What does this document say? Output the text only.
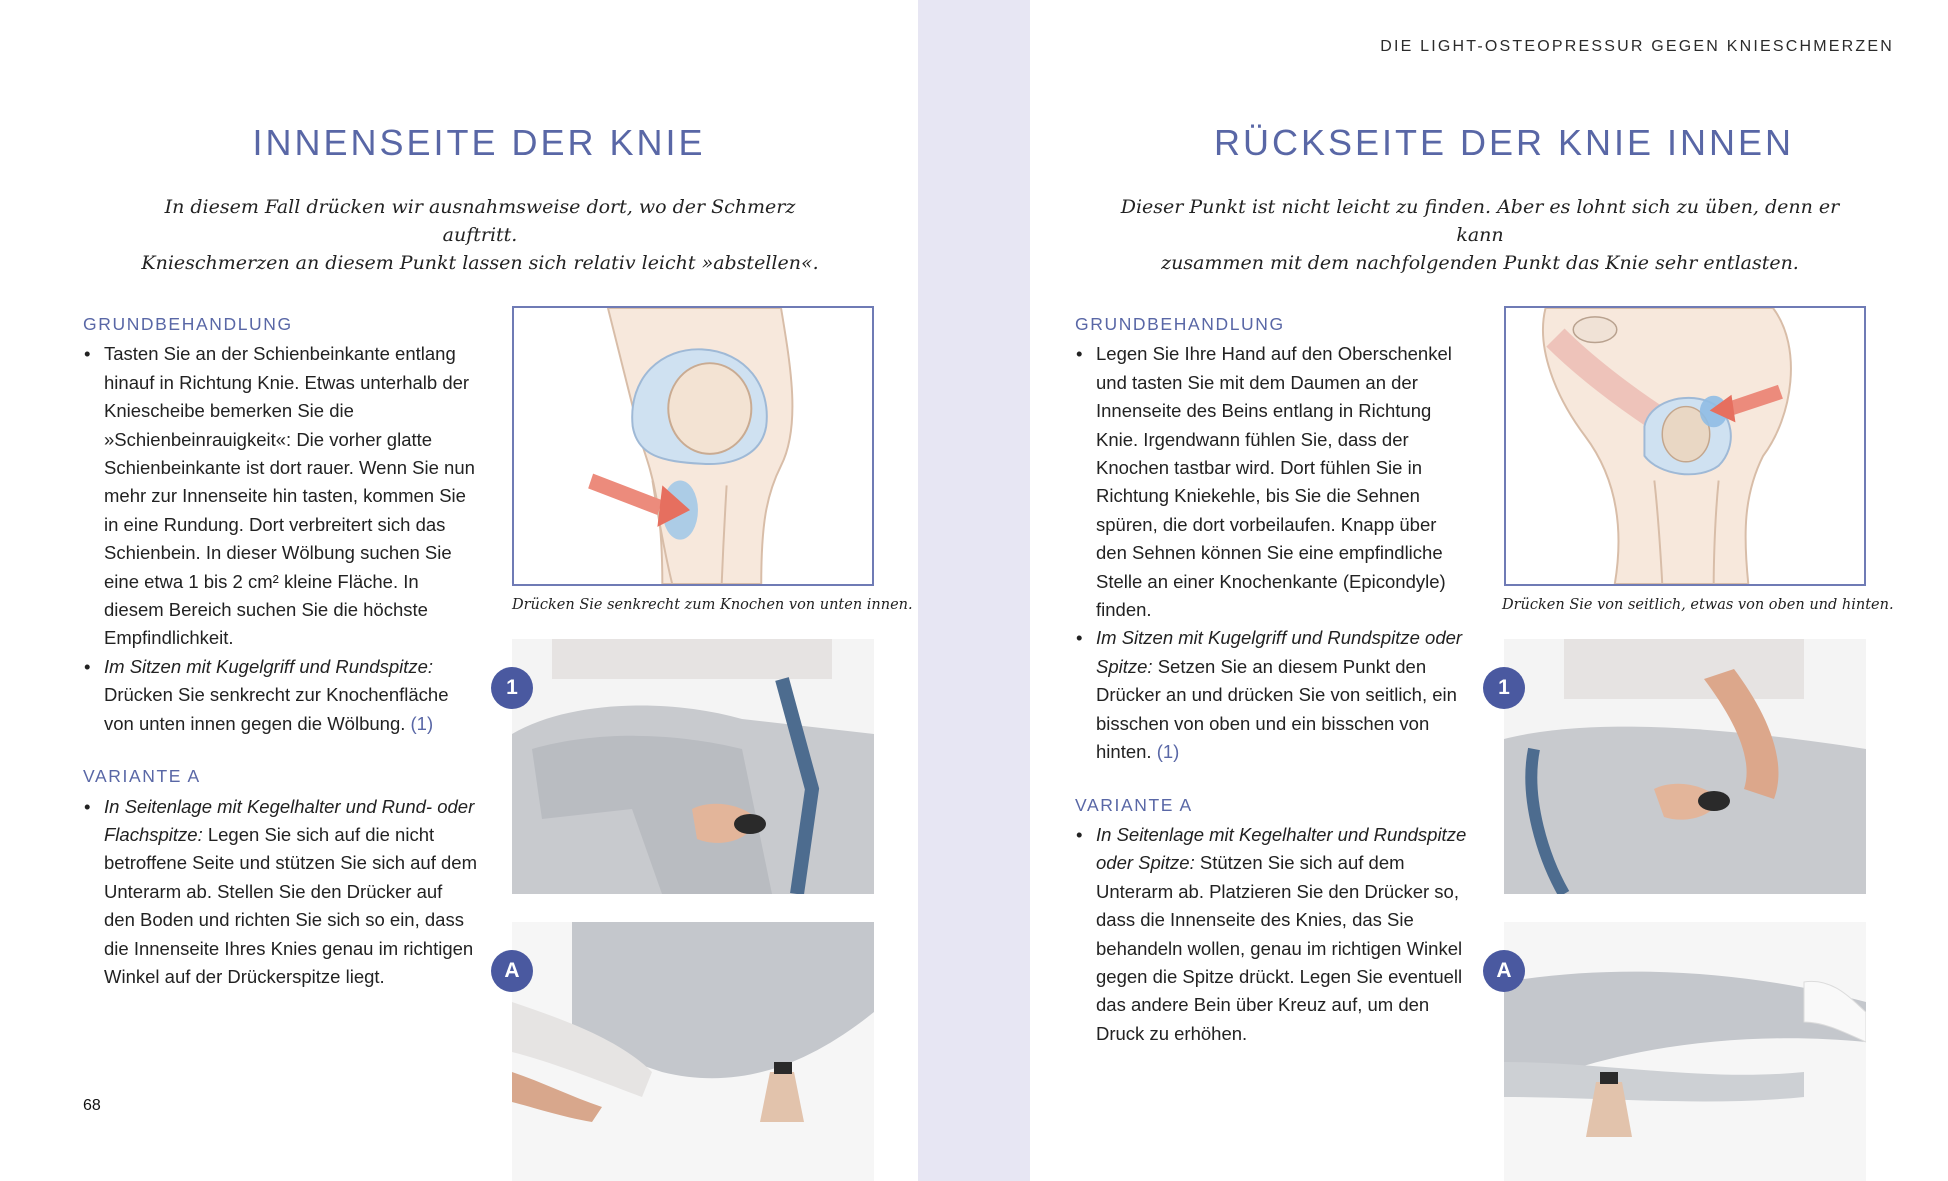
INNENSEITE DER KNIE

In diesem Fall drücken wir ausnahmsweise dort, wo der Schmerz auftritt.
Knieschmerzen an diesem Punkt lassen sich relativ leicht »abstellen«.

GRUNDBEHANDLUNG
• Tasten Sie an der Schienbeinkante entlang hinauf in Richtung Knie. Etwas unterhalb der Kniescheibe bemerken Sie die »Schienbeinrauigkeit«: Die vorher glatte Schienbeinkante ist dort rauer. Wenn Sie nun mehr zur Innenseite hin tasten, kommen Sie in eine Rundung. Dort verbreitert sich das Schienbein. In dieser Wölbung suchen Sie eine etwa 1 bis 2 cm² kleine Fläche. In diesem Bereich suchen Sie die höchste Empfindlichkeit.
• Im Sitzen mit Kugelgriff und Rundspitze: Drücken Sie senkrecht zur Knochenfläche von unten innen gegen die Wölbung. (1)
VARIANTE A
• In Seitenlage mit Kegelhalter und Rund- oder Flachspitze: Legen Sie sich auf die nicht betroffene Seite und stützen Sie sich auf dem Unterarm ab. Stellen Sie den Drücker auf den Boden und richten Sie sich so ein, dass die Innenseite Ihres Knies genau im richtigen Winkel auf der Drückerspitze liegt.
Drücken Sie senkrecht zum Knochen von unten innen.
1
A
68
DIE LIGHT-OSTEOPRESSUR GEGEN KNIESCHMERZEN
RÜCKSEITE DER KNIE INNEN

Dieser Punkt ist nicht leicht zu finden. Aber es lohnt sich zu üben, denn er kann
zusammen mit dem nachfolgenden Punkt das Knie sehr entlasten.

GRUNDBEHANDLUNG
• Legen Sie Ihre Hand auf den Oberschenkel und tasten Sie mit dem Daumen an der Innenseite des Beins entlang in Richtung Knie. Irgendwann fühlen Sie, dass der Knochen tastbar wird. Dort fühlen Sie in Richtung Kniekehle, bis Sie die Sehnen spüren, die dort vorbeilaufen. Knapp über den Sehnen können Sie eine empfindliche Stelle an einer Knochenkante (Epicondyle) finden.
• Im Sitzen mit Kugelgriff und Rundspitze oder Spitze: Setzen Sie an diesem Punkt den Drücker an und drücken Sie von seitlich, ein bisschen von oben und ein bisschen von hinten. (1)
VARIANTE A
• In Seitenlage mit Kegelhalter und Rundspitze oder Spitze: Stützen Sie sich auf dem Unterarm ab. Platzieren Sie den Drücker so, dass die Innenseite des Knies, das Sie behandeln wollen, genau im richtigen Winkel gegen die Spitze drückt. Legen Sie eventuell das andere Bein über Kreuz auf, um den Druck zu erhöhen.
Drücken Sie von seitlich, etwas von oben und hinten.
1
A
